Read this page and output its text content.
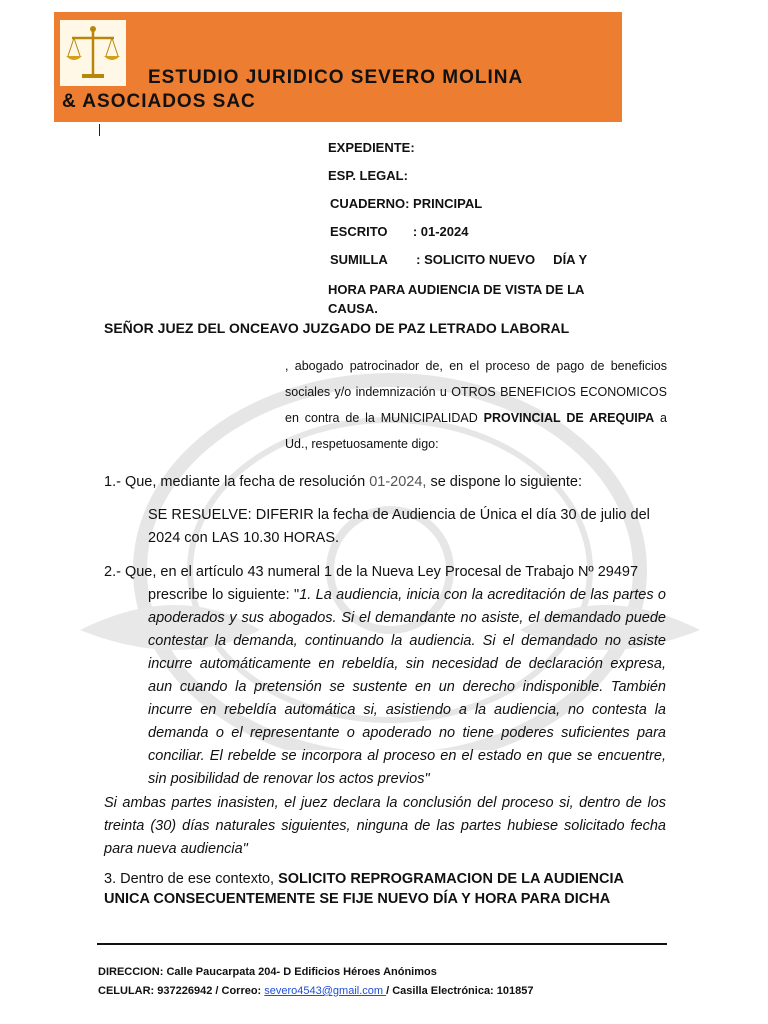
ESTUDIO JURIDICO SEVERO MOLINA
& ASOCIADOS SAC
EXPEDIENTE:
ESP. LEGAL:
CUADERNO: PRINCIPAL
ESCRITO       : 01-2024
SUMILLA        : SOLICITO NUEVO     DÍA Y
HORA PARA AUDIENCIA DE VISTA DE LA
CAUSA.
SEÑOR JUEZ DEL ONCEAVO JUZGADO DE PAZ LETRADO LABORAL
, abogado patrocinador de, en el proceso de pago de beneficios sociales y/o indemnización u OTROS BENEFICIOS ECONOMICOS en contra de la MUNICIPALIDAD PROVINCIAL DE AREQUIPA a Ud., respetuosamente digo:
1.- Que, mediante la fecha de resolución 01-2024, se dispone lo siguiente:
SE RESUELVE: DIFERIR la fecha de Audiencia de Única el día 30 de julio del 2024 con LAS 10.30 HORAS.
2.- Que, en el artículo 43 numeral 1 de la Nueva Ley Procesal de Trabajo Nº 29497
prescribe lo siguiente: "1. La audiencia, inicia con la acreditación de las partes o apoderados y sus abogados. Si el demandante no asiste, el demandado puede contestar la demanda, continuando la audiencia. Si el demandado no asiste incurre automáticamente en rebeldía, sin necesidad de declaración expresa, aun cuando la pretensión se sustente en un derecho indisponible. También incurre en rebeldía automática si, asistiendo a la audiencia, no contesta la demanda o el representante o apoderado no tiene poderes suficientes para conciliar. El rebelde se incorpora al proceso en el estado en que se encuentre, sin posibilidad de renovar los actos previos"
Si ambas partes inasisten, el juez declara la conclusión del proceso si, dentro de los treinta (30) días naturales siguientes, ninguna de las partes hubiese solicitado fecha para nueva audiencia"
3. Dentro de ese contexto, SOLICITO REPROGRAMACION DE LA AUDIENCIA UNICA CONSECUENTEMENTE SE FIJE NUEVO DÍA Y HORA PARA DICHA
DIRECCION: Calle Paucarpata 204- D Edificios Héroes Anónimos
CELULAR: 937226942 / Correo: severo4543@gmail.com / Casilla Electrónica: 101857
